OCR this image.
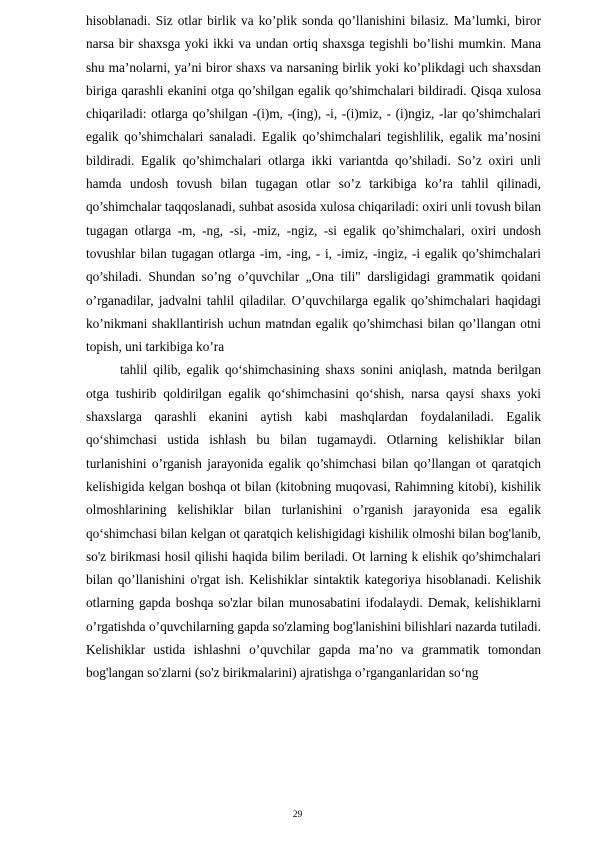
hisoblanadi. Siz otlar birlik va ko’plik sonda qo’llanishini bilasiz. Ma’lumki, biror narsa bir shaxsga yoki ikki va undan ortiq shaxsga tegishli bo’lishi mumkin. Mana shu ma’nolarni, ya’ni biror shaxs va narsaning birlik yoki ko’plikdagi uch shaxsdan biriga qarashli ekanini otga qo’shilgan egalik qo’shimchalari bildiradi. Qisqa xulosa chiqariladi: otlarga qo’shilgan -(i)m, -(ing), -i, -(i)miz, - (i)ngiz, -lar qo’shimchalari egalik qo’shimchalari sanaladi. Egalik qo’shimchalari tegishlilik, egalik ma’nosini bildiradi. Egalik qo’shimchalari otlarga ikki variantda qo’shiladi. So’z oxiri unli hamda undosh tovush bilan tugagan otlar so’z tarkibiga ko’ra tahlil qilinadi, qo’shimchalar taqqoslanadi, suhbat asosida xulosa chiqariladi: oxiri unli tovush bilan tugagan otlarga -m, -ng, -si, -miz, -ngiz, -si egalik qo’shimchalari, oxiri undosh tovushlar bilan tugagan otlarga -im, -ing, - i, -imiz, -ingiz, -i egalik qo’shimchalari qo’shiladi. Shundan so’ng o’quvchilar „Ona tili" darsligidagi grammatik qoidani o’rganadilar, jadvalni tahlil qiladilar. O’quvchilarga egalik qo’shimchalari haqidagi ko’nikmani shakllantirish uchun matndan egalik qo’shimchasi bilan qo’llangan otni topish, uni tarkibiga ko’ra

tahlil qilib, egalik qo‘shimchasining shaxs sonini aniqlash, matnda berilgan otga tushirib qoldirilgan egalik qo‘shimchasini qo‘shish, narsa qaysi shaxs yoki shaxslarga qarashli ekanini aytish kabi mashqlardan foydalaniladi. Egalik qo‘shimchasi ustida ishlash bu bilan tugamaydi. Otlarning kelishiklar bilan turlanishini o’rganish jarayonida egalik qo’shimchasi bilan qo’llangan ot qaratqich kelishigida kelgan boshqa ot bilan (kitobning muqovasi, Rahimning kitobi), kishilik olmoshlarining kelishiklar bilan turlanishini o’rganish jarayonida esa egalik qo‘shimchasi bilan kelgan ot qaratqich kelishigidagi kishilik olmoshi bilan bog'lanib, so'z birikmasi hosil qilishi haqida bilim beriladi. Ot larning k elishik qo’shimchalari bilan qo’llanishini o'rgat ish. Kelishiklar sintaktik kategoriya hisoblanadi. Kelishik otlarning gapda boshqa so'zlar bilan munosabatini ifodalaydi. Demak, kelishiklarni o’rgatishda o’quvchilarning gapda so'zlaming bog'lanishini bilishlari nazarda tutiladi. Kelishiklar ustida ishlashni o’quvchilar gapda ma’no va grammatik tomondan bog'langan so'zlarni (so'z birikmalarini) ajratishga o’rganganlaridan so‘ng

29
